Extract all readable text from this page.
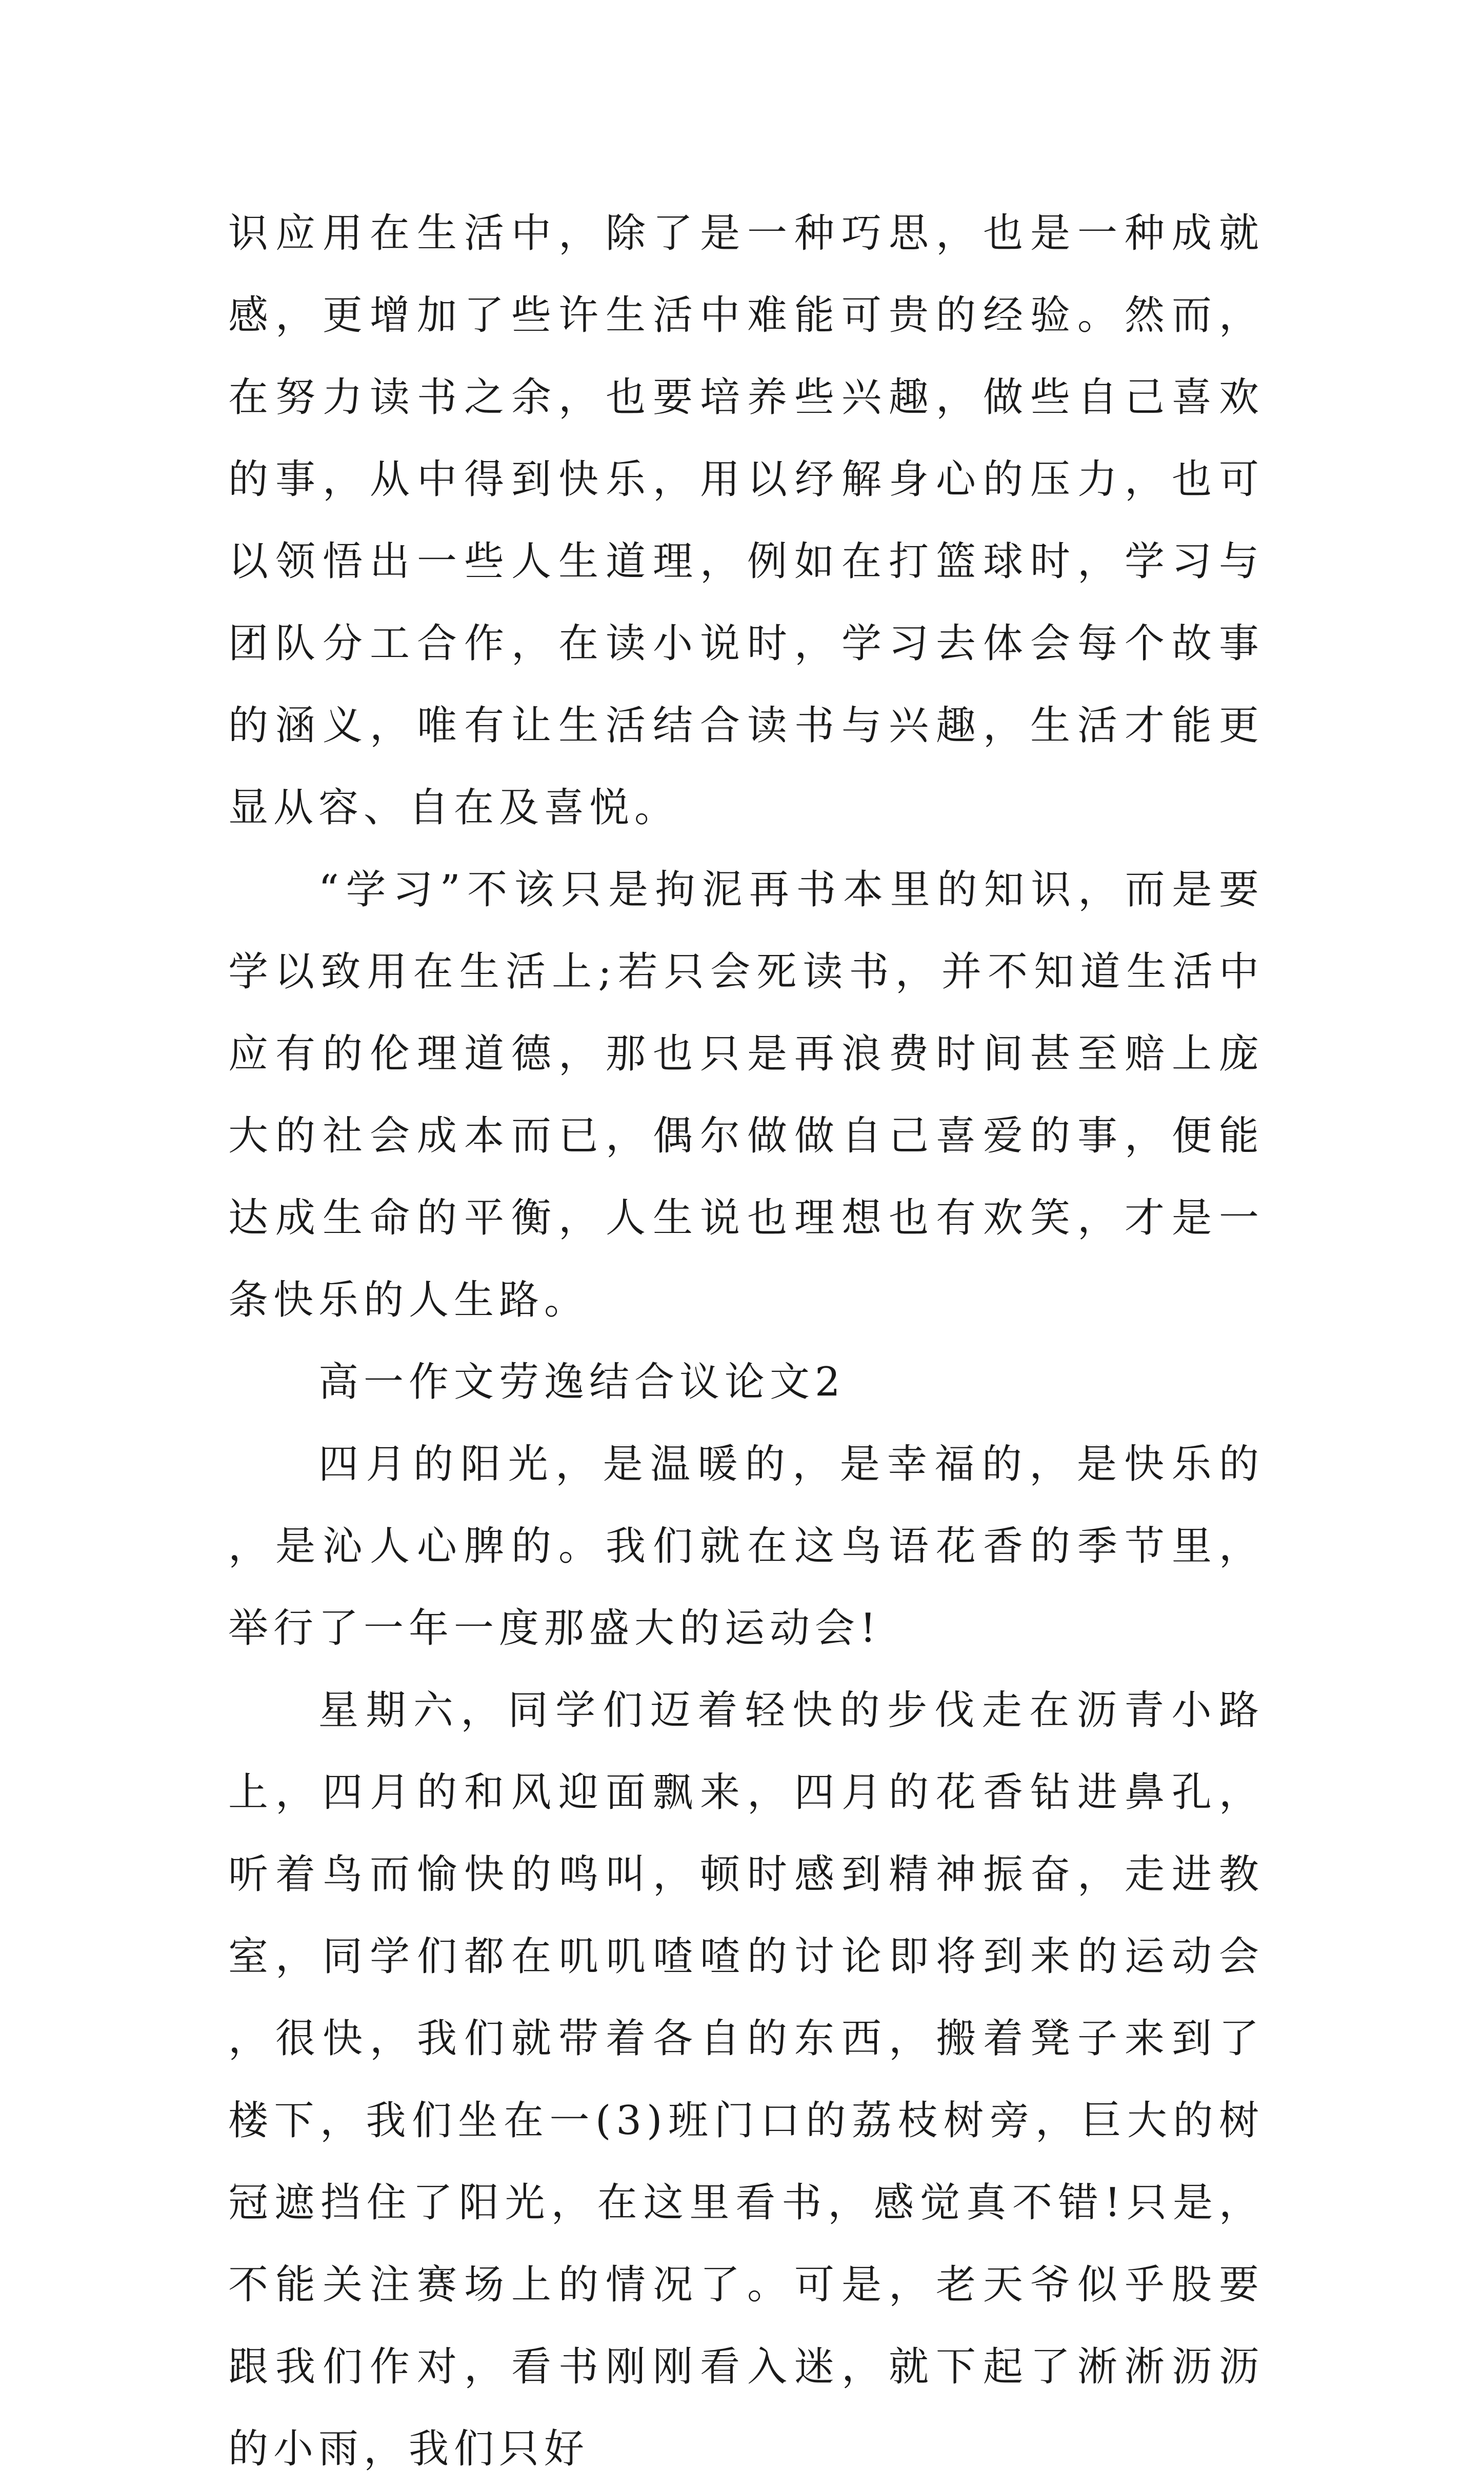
识应用在生活中，除了是一种巧思，也是一种成就感，更增加了些许生活中难能可贵的经验。然而，在努力读书之余，也要培养些兴趣，做些自己喜欢的事，从中得到快乐，用以纾解身心的压力，也可以领悟出一些人生道理，例如在打篮球时，学习与团队分工合作，在读小说时，学习去体会每个故事的涵义，唯有让生活结合读书与兴趣，生活才能更显从容、自在及喜悦。

“学习”不该只是拘泥再书本里的知识，而是要学以致用在生活上;若只会死读书，并不知道生活中应有的伦理道德，那也只是再浪费时间甚至赔上庞大的社会成本而已，偶尔做做自己喜爱的事，便能达成生命的平衡，人生说也理想也有欢笑，才是一条快乐的人生路。

高一作文劳逸结合议论文2

四月的阳光，是温暖的，是幸福的，是快乐的，是沁人心脾的。我们就在这鸟语花香的季节里，举行了一年一度那盛大的运动会!

星期六，同学们迈着轻快的步伐走在沥青小路上，四月的和风迎面飘来，四月的花香钻进鼻孔，听着鸟而愉快的鸣叫，顿时感到精神振奋，走进教室，同学们都在叽叽喳喳的讨论即将到来的运动会，很快，我们就带着各自的东西，搬着凳子来到了楼下，我们坐在一(3)班门口的荔枝树旁，巨大的树冠遮挡住了阳光，在这里看书，感觉真不错!只是，不能关注赛场上的情况了。可是，老天爷似乎股要跟我们作对，看书刚刚看入迷，就下起了淅淅沥沥的小雨，我们只好
